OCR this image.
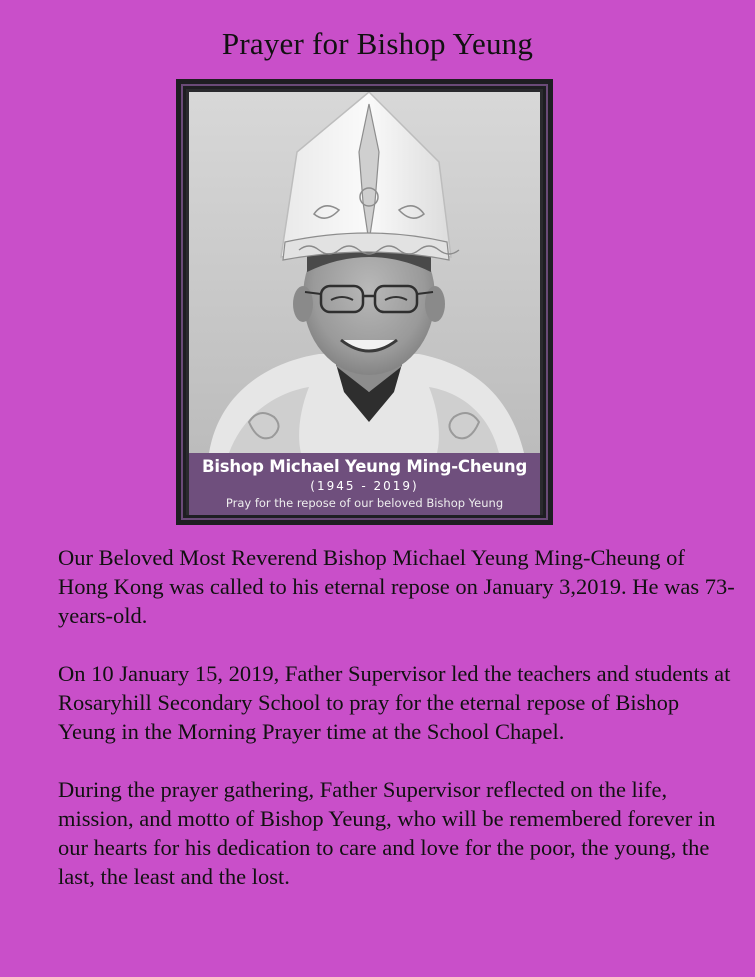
Prayer for Bishop Yeung
Bishop Michael Yeung Ming-Cheung
(1945 - 2019)
Pray for the repose of our beloved Bishop Yeung

Our Beloved Most Reverend Bishop Michael Yeung Ming-Cheung of Hong Kong was called to his eternal repose on January 3,2019. He was 73-years-old.

On 10 January 15, 2019, Father Supervisor led the teachers and students at Rosaryhill Secondary School to pray for the eternal repose of Bishop Yeung in the Morning Prayer time at the School Chapel.

During the prayer gathering, Father Supervisor reflected on the life, mission, and motto of Bishop Yeung, who will be remembered forever in our hearts for his dedication to care and love for the poor, the young, the last, the least and the lost.
